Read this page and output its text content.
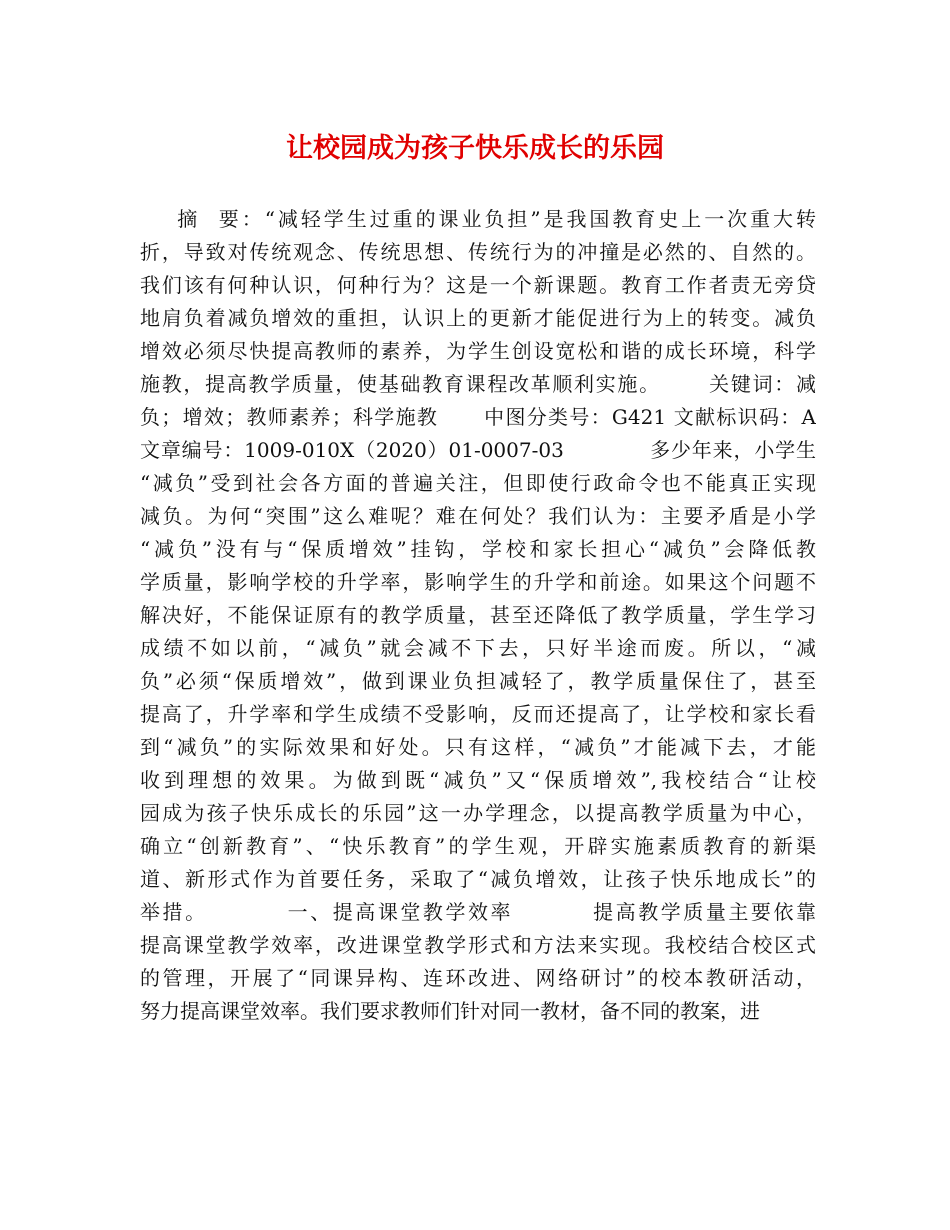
让校园成为孩子快乐成长的乐园
摘  要：“减轻学生过重的课业负担”是我国教育史上一次重大转
折，导致对传统观念、传统思想、传统行为的冲撞是必然的、自然的。
我们该有何种认识，何种行为？这是一个新课题。教育工作者责无旁贷
地肩负着减负增效的重担，认识上的更新才能促进行为上的转变。减负
增效必须尽快提高教师的素养，为学生创设宽松和谐的成长环境，科学
施教，提高教学质量，使基础教育课程改革顺利实施。      关键词：减
负；增效；教师素养；科学施教      中图分类号：G421 文献标识码：A
文章编号：1009-010X（2020）01-0007-03            多少年来，小学生
“减负”受到社会各方面的普遍关注，但即使行政命令也不能真正实现
减负。为何“突围”这么难呢？难在何处？我们认为：主要矛盾是小学
“减负”没有与“保质增效”挂钩，学校和家长担心“减负”会降低教
学质量，影响学校的升学率，影响学生的升学和前途。如果这个问题不
解决好，不能保证原有的教学质量，甚至还降低了教学质量，学生学习
成绩不如以前，“减负”就会减不下去，只好半途而废。所以，“减
负”必须“保质增效”，做到课业负担减轻了，教学质量保住了，甚至
提高了，升学率和学生成绩不受影响，反而还提高了，让学校和家长看
到“减负”的实际效果和好处。只有这样，“减负”才能减下去，才能
收到理想的效果。为做到既“减负”又“保质增效”,我校结合“让校
园成为孩子快乐成长的乐园”这一办学理念，以提高教学质量为中心，
确立“创新教育”、“快乐教育”的学生观，开辟实施素质教育的新渠
道、新形式作为首要任务，采取了“减负增效，让孩子快乐地成长”的
举措。         一、提高课堂教学效率         提高教学质量主要依靠
提高课堂教学效率，改进课堂教学形式和方法来实现。我校结合校区式
的管理，开展了“同课异构、连环改进、网络研讨”的校本教研活动，
努力提高课堂效率。我们要求教师们针对同一教材，备不同的教案，进
